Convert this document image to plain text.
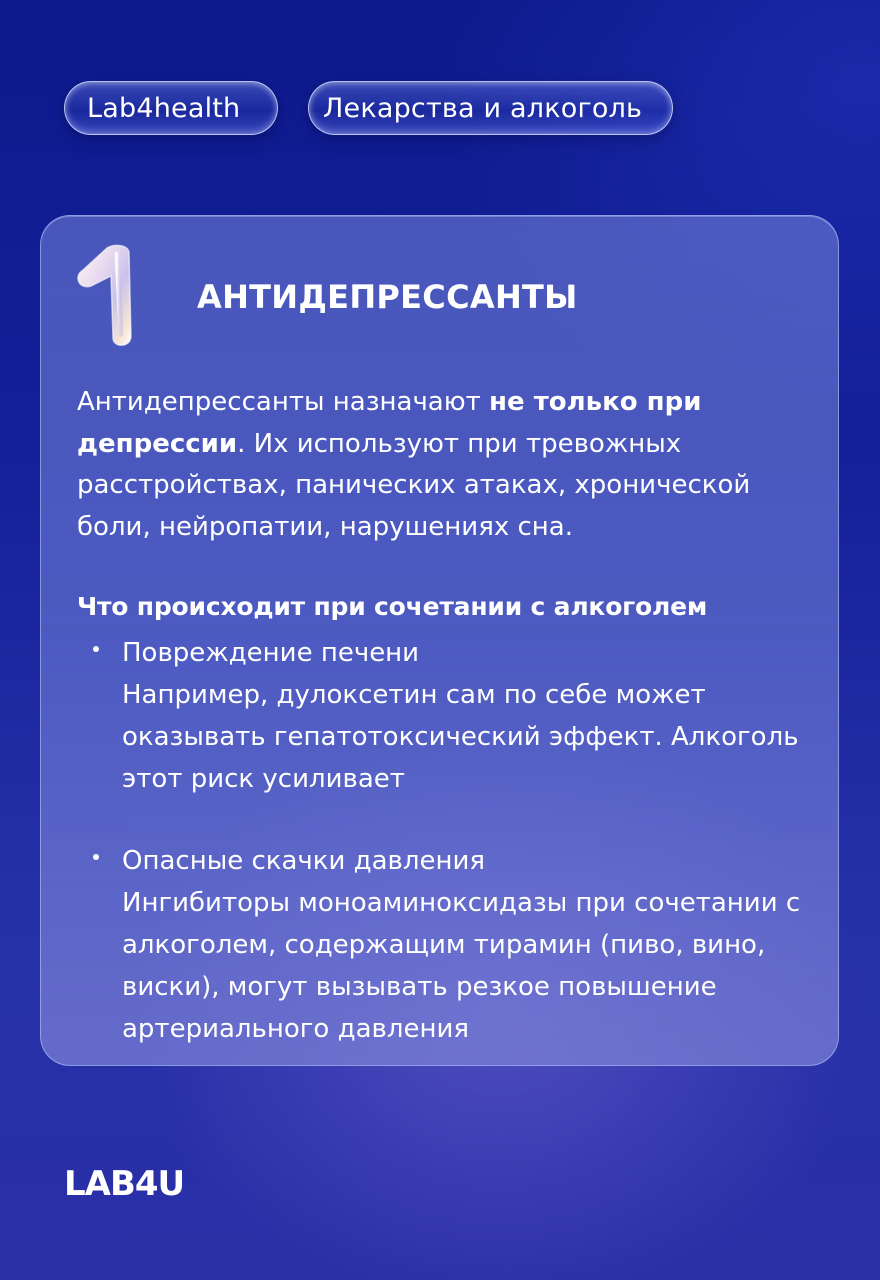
Lab4health	Лекарства и алкоголь
АНТИДЕПРЕССАНТЫ

Антидепрессанты назначают не только при депрессии. Их используют при тревожных расстройствах, панических атаках, хронической боли, нейропатии, нарушениях сна.

Что происходит при сочетании с алкоголем
Повреждение печени
Например, дулоксетин сам по себе может оказывать гепатотоксический эффект. Алкоголь этот риск усиливает
Опасные скачки давления
Ингибиторы моноаминоксидазы при сочетании с алкоголем, содержащим тирамин (пиво, вино, виски), могут вызывать резкое повышение артериального давления
LAB4U
